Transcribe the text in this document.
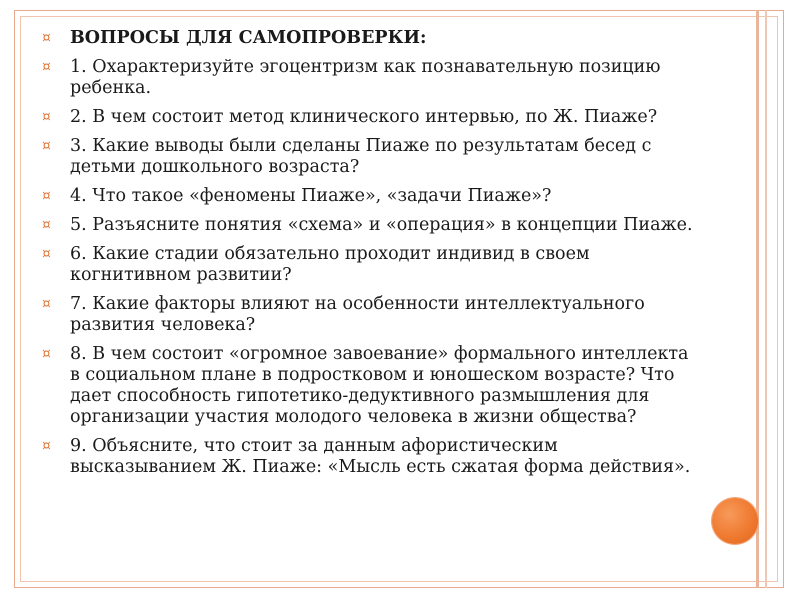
¤ ВОПРОСЫ ДЛЯ САМОПРОВЕРКИ:
¤ 1. Охарактеризуйте эгоцентризм как познавательную позицию ребенка.
¤ 2. В чем состоит метод клинического интервью, по Ж. Пиаже?
¤ 3. Какие выводы были сделаны Пиаже по результатам бесед с детьми дошкольного возраста?
¤ 4. Что такое «феномены Пиаже», «задачи Пиаже»?
¤ 5. Разъясните понятия «схема» и «операция» в концепции Пиаже.
¤ 6. Какие стадии обязательно проходит индивид в своем когнитивном развитии?
¤ 7. Какие факторы влияют на особенности интеллектуального развития человека?
¤ 8. В чем состоит «огромное завоевание» формального интеллекта в социальном плане в подростковом и юношеском возрасте? Что дает способность гипотетико-дедуктивного размышления для организации участия молодого человека в жизни общества?
¤ 9. Объясните, что стоит за данным афористическим высказыванием Ж. Пиаже: «Мысль есть сжатая форма действия».
